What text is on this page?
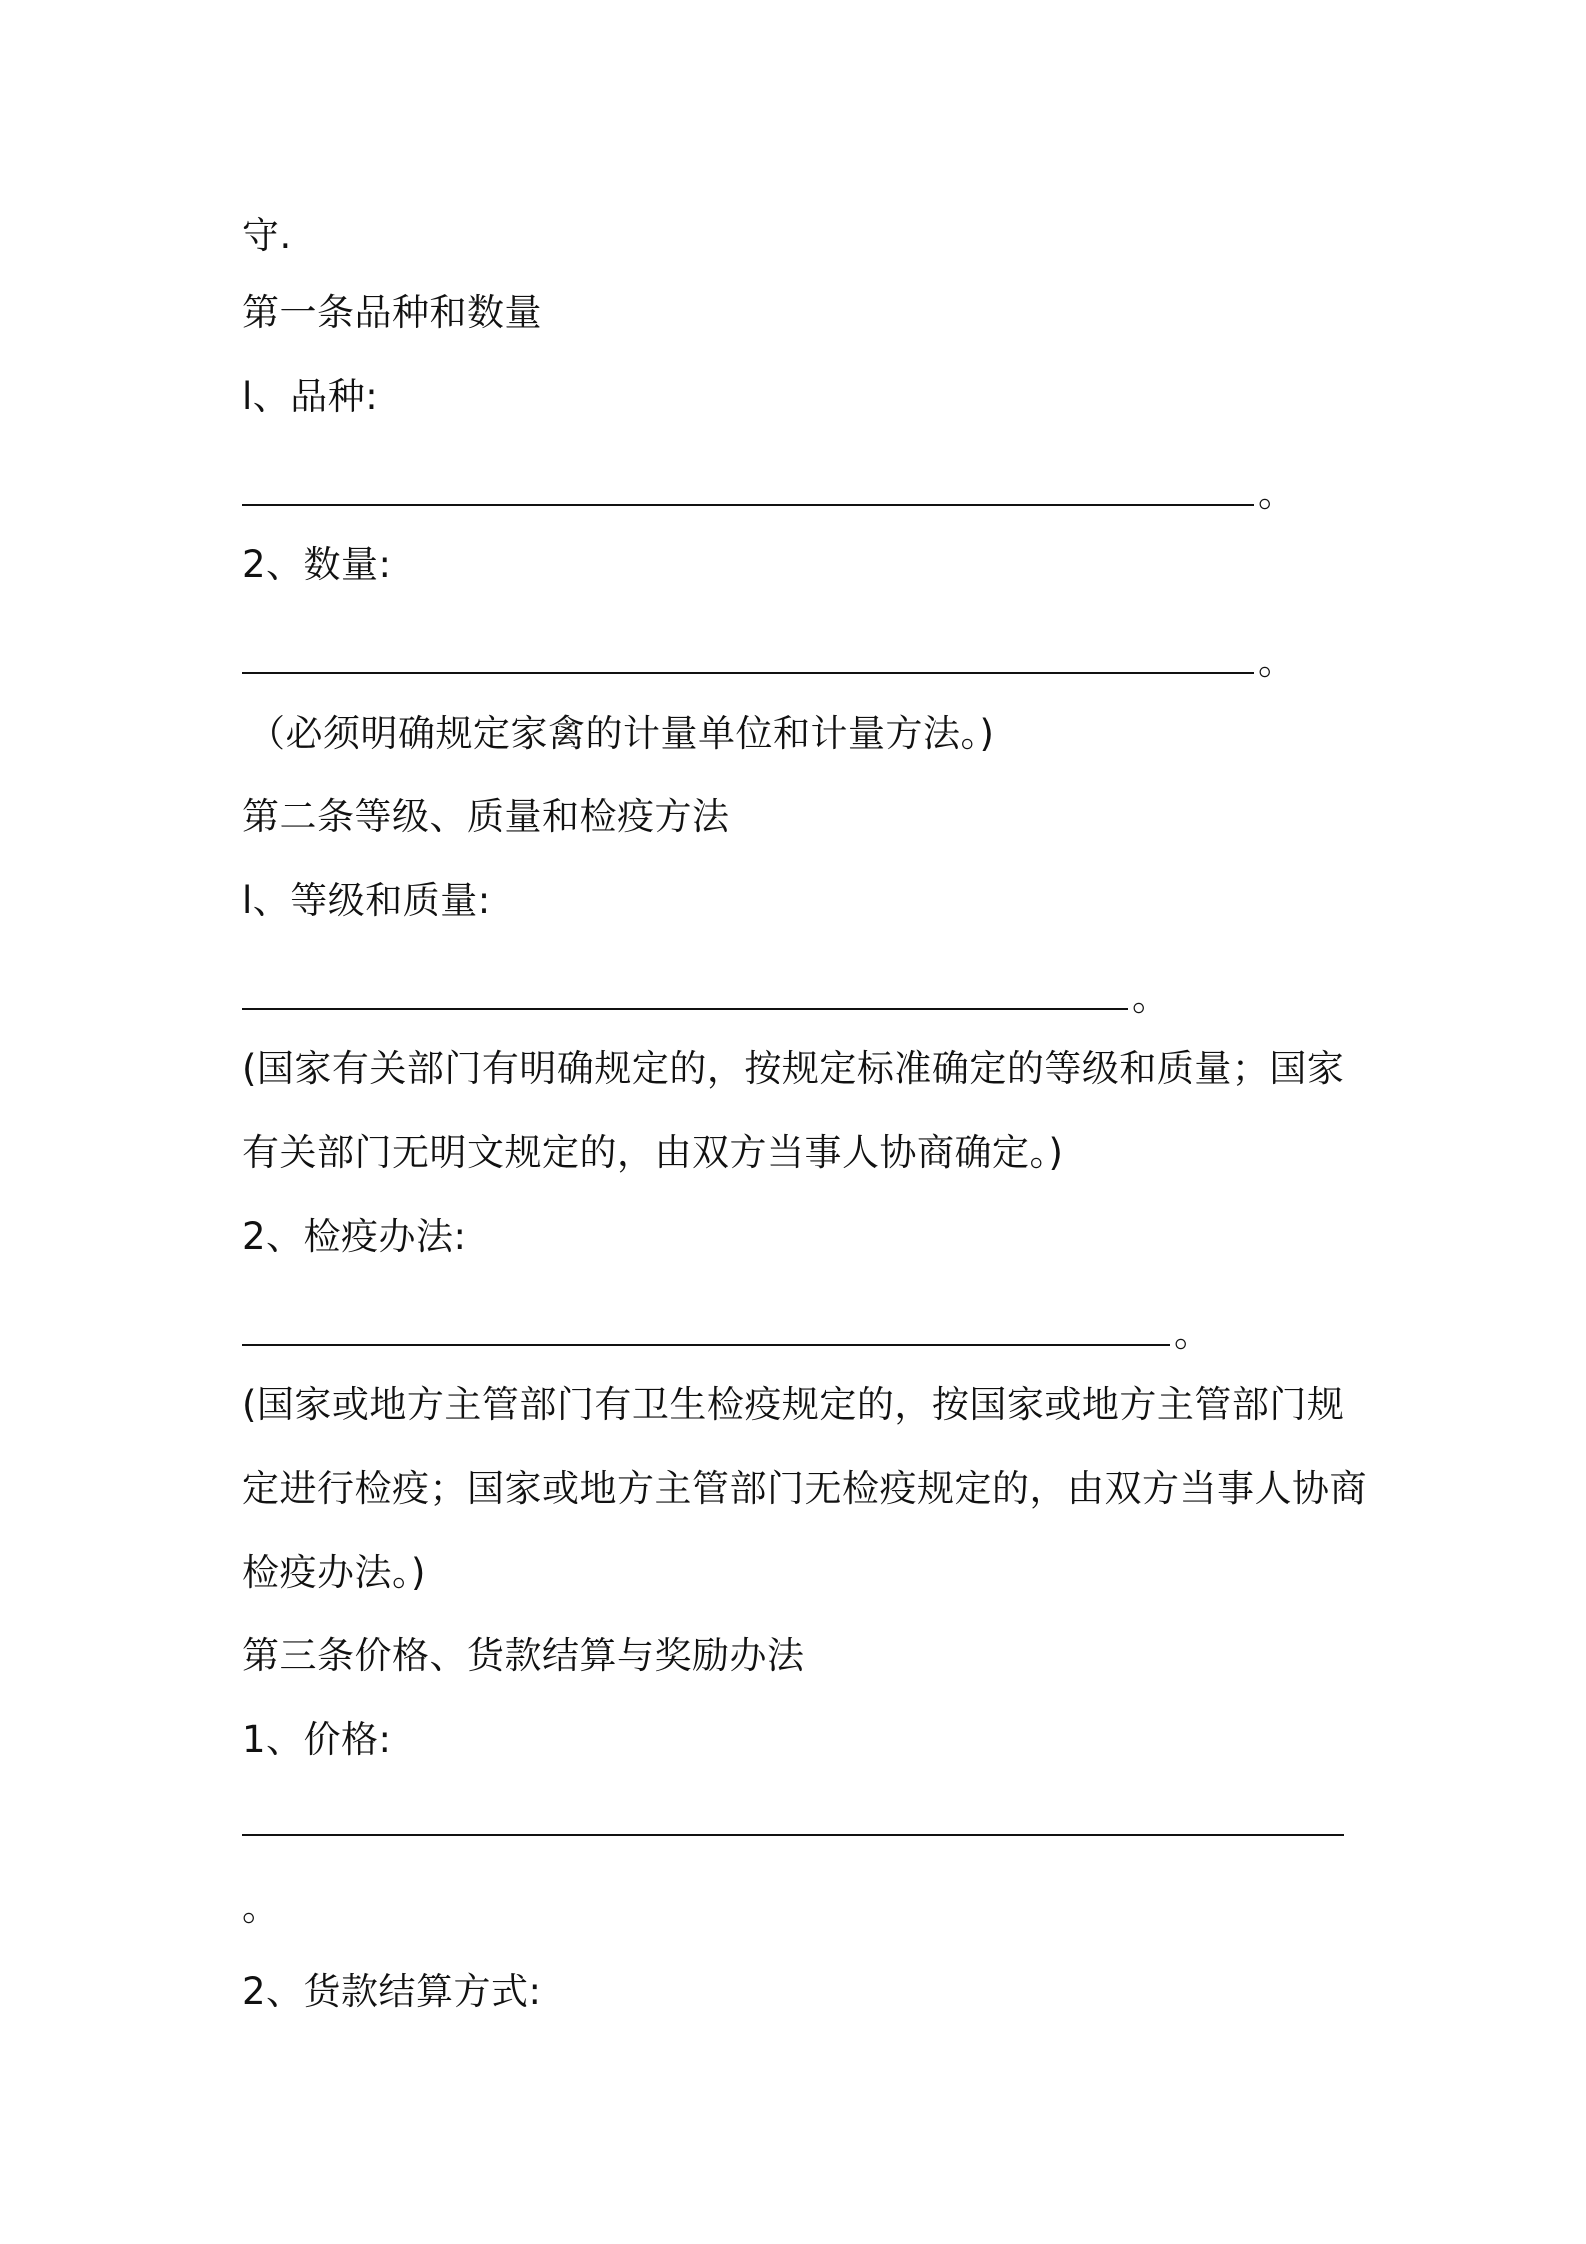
守.
第一条品种和数量
l、品种:
。
2、数量:
。
（必须明确规定家禽的计量单位和计量方法。)
第二条等级、质量和检疫方法
l、等级和质量:
。
(国家有关部门有明确规定的，按规定标准确定的等级和质量；国家
有关部门无明文规定的，由双方当事人协商确定。)
2、检疫办法:
。
(国家或地方主管部门有卫生检疫规定的，按国家或地方主管部门规
定进行检疫；国家或地方主管部门无检疫规定的，由双方当事人协商
检疫办法。)
第三条价格、货款结算与奖励办法
1、价格:
。
2、货款结算方式:
